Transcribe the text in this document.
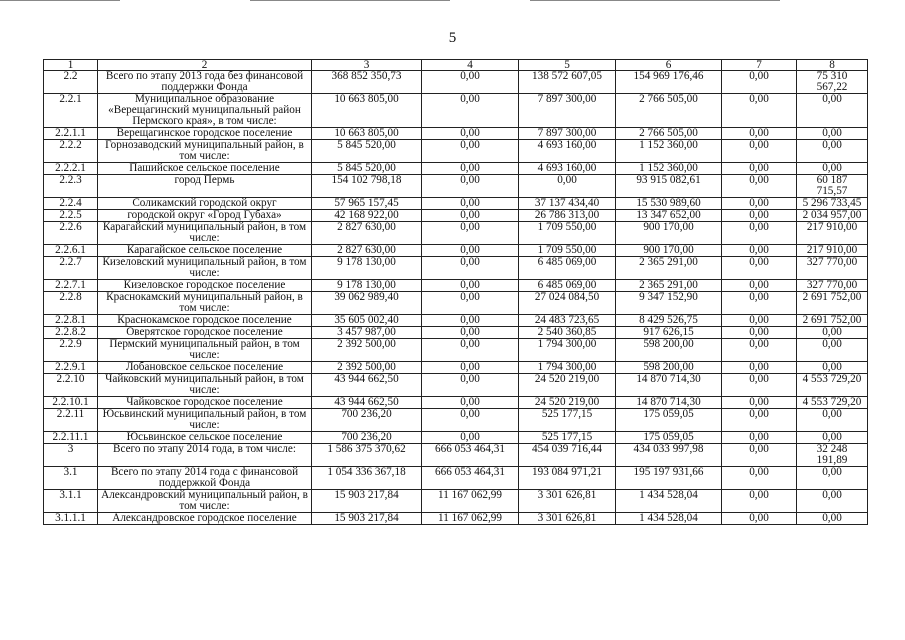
5
1	2	3	4	5	6	7	8
2.2	Всего по этапу 2013 года без финансовой поддержки Фонда	368 852 350,73	0,00	138 572 607,05	154 969 176,46	0,00	75 310 567,22
2.2.1	Муниципальное образование «Верещагинский муниципальный район Пермского края», в том числе:	10 663 805,00	0,00	7 897 300,00	2 766 505,00	0,00	0,00
2.2.1.1	Верещагинское городское поселение	10 663 805,00	0,00	7 897 300,00	2 766 505,00	0,00	0,00
2.2.2	Горнозаводский муниципальный район, в том числе:	5 845 520,00	0,00	4 693 160,00	1 152 360,00	0,00	0,00
2.2.2.1	Пашийское сельское поселение	5 845 520,00	0,00	4 693 160,00	1 152 360,00	0,00	0,00
2.2.3	город Пермь	154 102 798,18	0,00	0,00	93 915 082,61	0,00	60 187 715,57
2.2.4	Соликамский городской округ	57 965 157,45	0,00	37 137 434,40	15 530 989,60	0,00	5 296 733,45
2.2.5	городской округ «Город Губаха»	42 168 922,00	0,00	26 786 313,00	13 347 652,00	0,00	2 034 957,00
2.2.6	Карагайский муниципальный район, в том числе:	2 827 630,00	0,00	1 709 550,00	900 170,00	0,00	217 910,00
2.2.6.1	Карагайское сельское поселение	2 827 630,00	0,00	1 709 550,00	900 170,00	0,00	217 910,00
2.2.7	Кизеловский муниципальный район, в том числе:	9 178 130,00	0,00	6 485 069,00	2 365 291,00	0,00	327 770,00
2.2.7.1	Кизеловское городское поселение	9 178 130,00	0,00	6 485 069,00	2 365 291,00	0,00	327 770,00
2.2.8	Краснокамский муниципальный район, в том числе:	39 062 989,40	0,00	27 024 084,50	9 347 152,90	0,00	2 691 752,00
2.2.8.1	Краснокамское городское поселение	35 605 002,40	0,00	24 483 723,65	8 429 526,75	0,00	2 691 752,00
2.2.8.2	Оверятское городское поселение	3 457 987,00	0,00	2 540 360,85	917 626,15	0,00	0,00
2.2.9	Пермский муниципальный район, в том числе:	2 392 500,00	0,00	1 794 300,00	598 200,00	0,00	0,00
2.2.9.1	Лобановское сельское поселение	2 392 500,00	0,00	1 794 300,00	598 200,00	0,00	0,00
2.2.10	Чайковский муниципальный район, в том числе:	43 944 662,50	0,00	24 520 219,00	14 870 714,30	0,00	4 553 729,20
2.2.10.1	Чайковское городское поселение	43 944 662,50	0,00	24 520 219,00	14 870 714,30	0,00	4 553 729,20
2.2.11	Юсьвинский муниципальный район, в том числе:	700 236,20	0,00	525 177,15	175 059,05	0,00	0,00
2.2.11.1	Юсьвинское сельское поселение	700 236,20	0,00	525 177,15	175 059,05	0,00	0,00
3	Всего по этапу 2014 года, в том числе:	1 586 375 370,62	666 053 464,31	454 039 716,44	434 033 997,98	0,00	32 248 191,89
3.1	Всего по этапу 2014 года с финансовой поддержкой Фонда	1 054 336 367,18	666 053 464,31	193 084 971,21	195 197 931,66	0,00	0,00
3.1.1	Александровский муниципальный район, в том числе:	15 903 217,84	11 167 062,99	3 301 626,81	1 434 528,04	0,00	0,00
3.1.1.1	Александровское городское поселение	15 903 217,84	11 167 062,99	3 301 626,81	1 434 528,04	0,00	0,00
